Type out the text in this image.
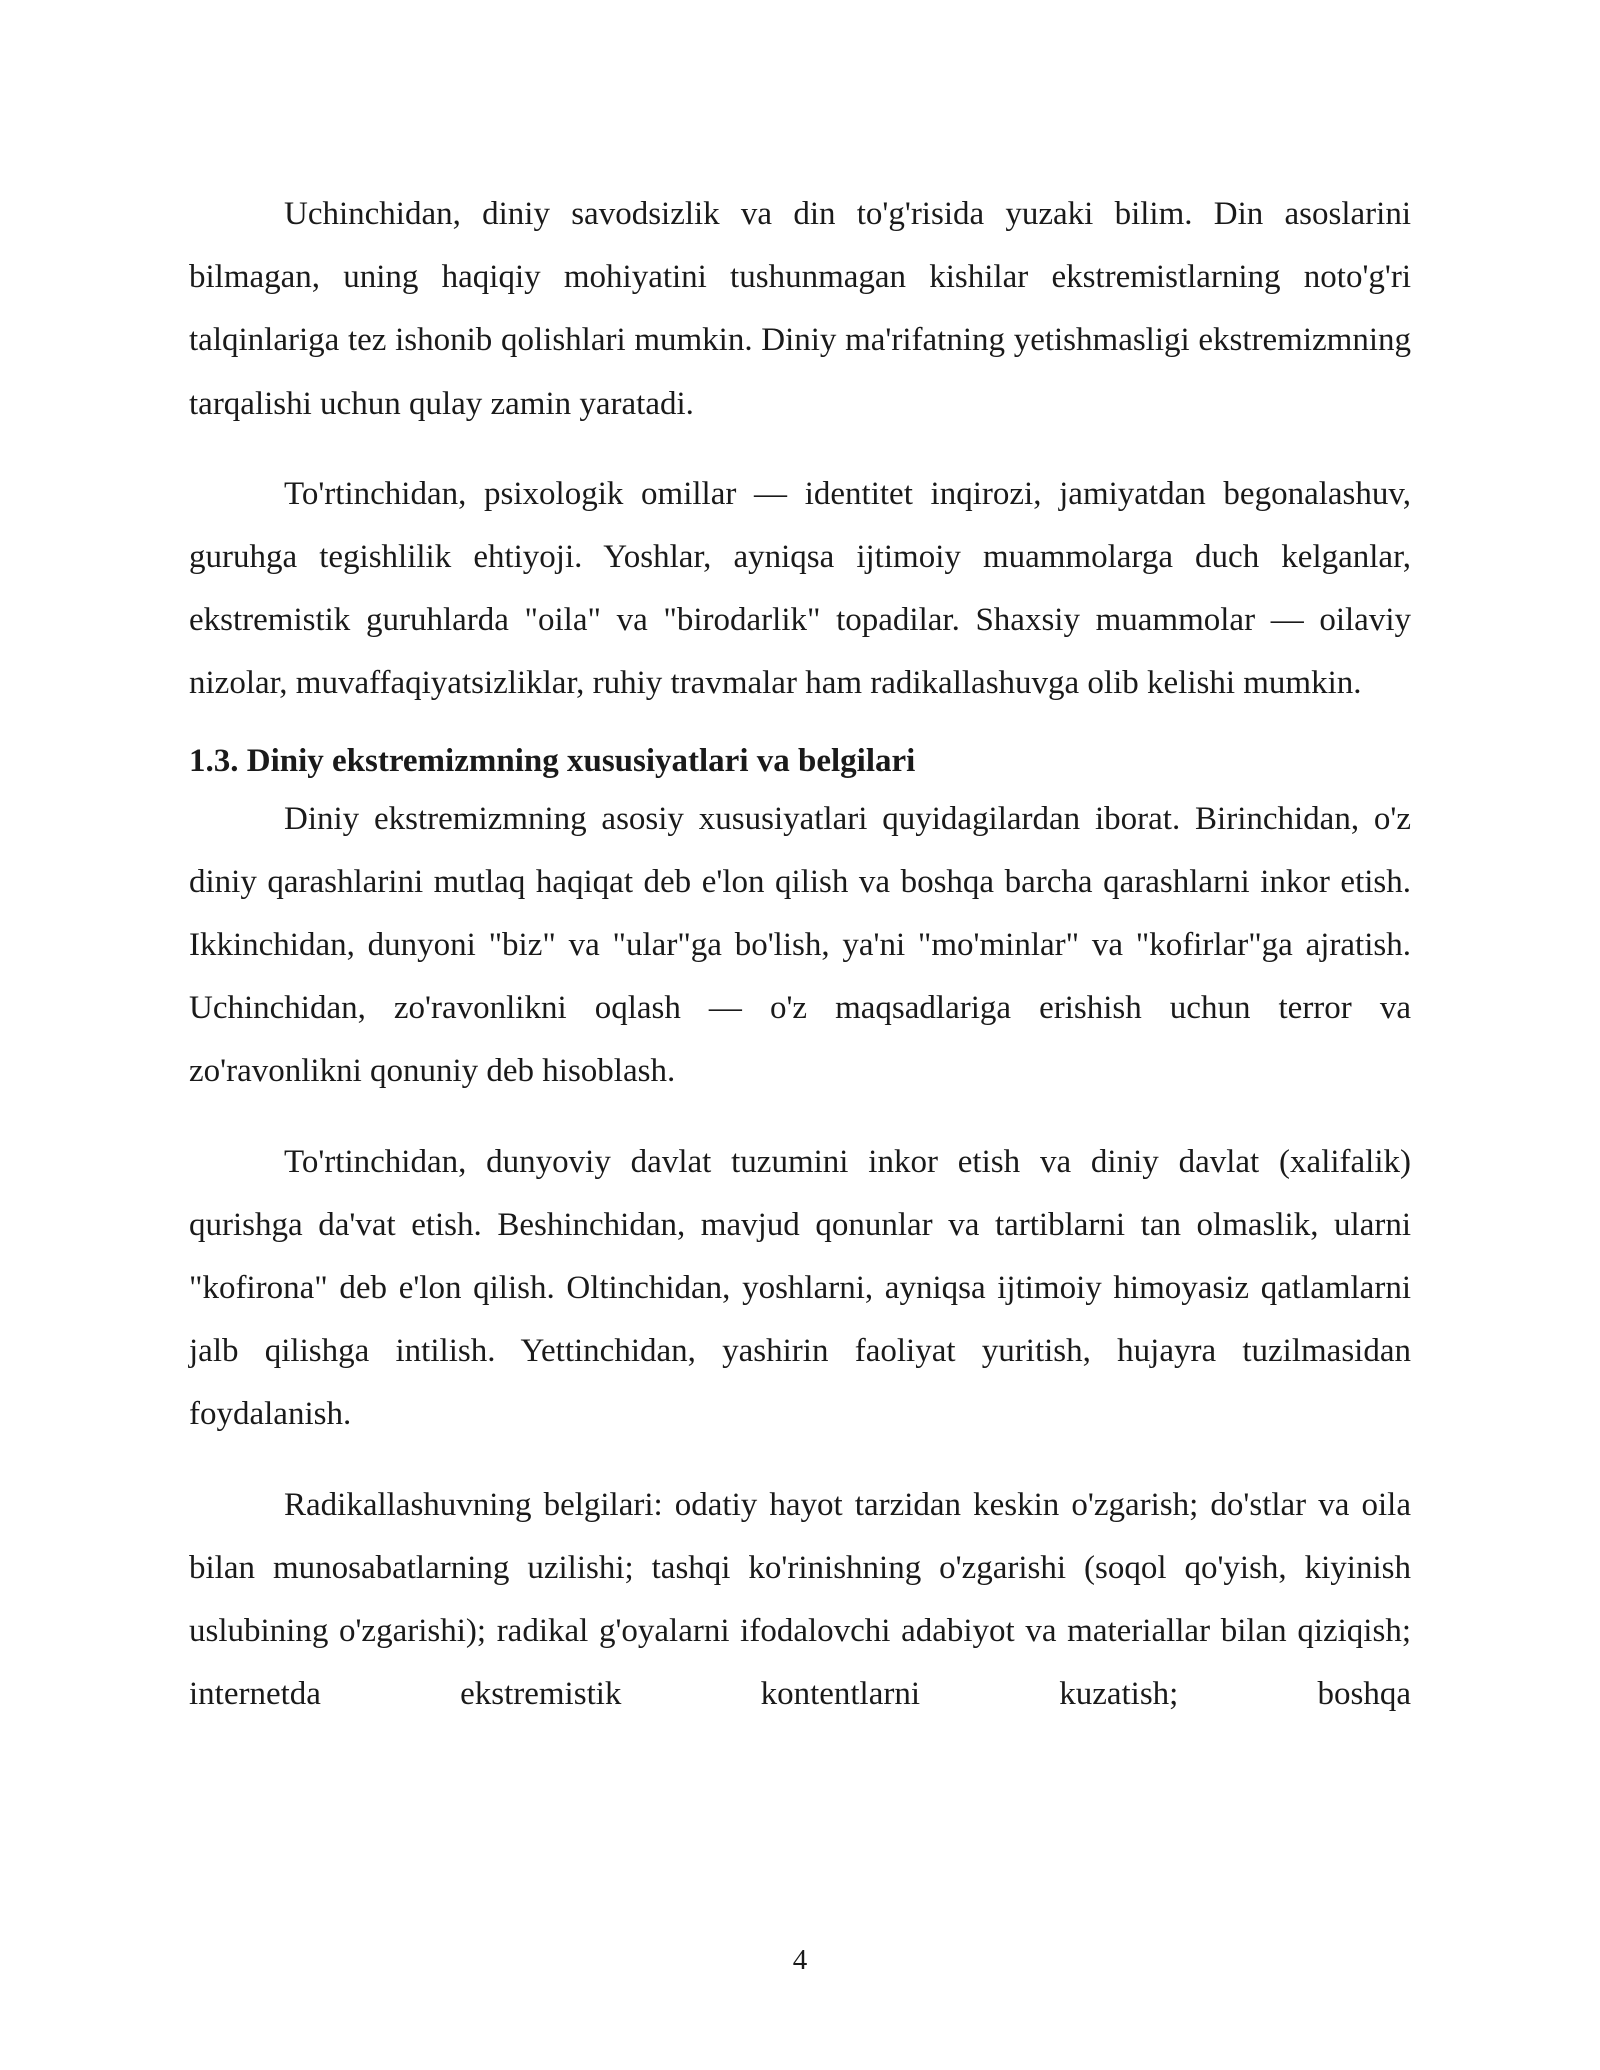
Uchinchidan, diniy savodsizlik va din to'g'risida yuzaki bilim. Din asoslarini bilmagan, uning haqiqiy mohiyatini tushunmagan kishilar ekstremistlarning noto'g'ri talqinlariga tez ishonib qolishlari mumkin. Diniy ma'rifatning yetishmasligi ekstremizmning tarqalishi uchun qulay zamin yaratadi.

To'rtinchidan, psixologik omillar — identitet inqirozi, jamiyatdan begonalashuv, guruhga tegishlilik ehtiyoji. Yoshlar, ayniqsa ijtimoiy muammolarga duch kelganlar, ekstremistik guruhlarda "oila" va "birodarlik" topadilar. Shaxsiy muammolar — oilaviy nizolar, muvaffaqiyatsizliklar, ruhiy travmalar ham radikallashuvga olib kelishi mumkin.

1.3. Diniy ekstremizmning xususiyatlari va belgilari

Diniy ekstremizmning asosiy xususiyatlari quyidagilardan iborat. Birinchidan, o'z diniy qarashlarini mutlaq haqiqat deb e'lon qilish va boshqa barcha qarashlarni inkor etish. Ikkinchidan, dunyoni "biz" va "ular"ga bo'lish, ya'ni "mo'minlar" va "kofirlar"ga ajratish. Uchinchidan, zo'ravonlikni oqlash — o'z maqsadlariga erishish uchun terror va zo'ravonlikni qonuniy deb hisoblash.

To'rtinchidan, dunyoviy davlat tuzumini inkor etish va diniy davlat (xalifalik) qurishga da'vat etish. Beshinchidan, mavjud qonunlar va tartiblarni tan olmaslik, ularni "kofirona" deb e'lon qilish. Oltinchidan, yoshlarni, ayniqsa ijtimoiy himoyasiz qatlamlarni jalb qilishga intilish. Yettinchidan, yashirin faoliyat yuritish, hujayra tuzilmasidan foydalanish.

Radikallashuvning belgilari: odatiy hayot tarzidan keskin o'zgarish; do'stlar va oila bilan munosabatlarning uzilishi; tashqi ko'rinishning o'zgarishi (soqol qo'yish, kiyinish uslubining o'zgarishi); radikal g'oyalarni ifodalovchi adabiyot va materiallar bilan qiziqish; internetda ekstremistik kontentlarni kuzatish; boshqa

4
